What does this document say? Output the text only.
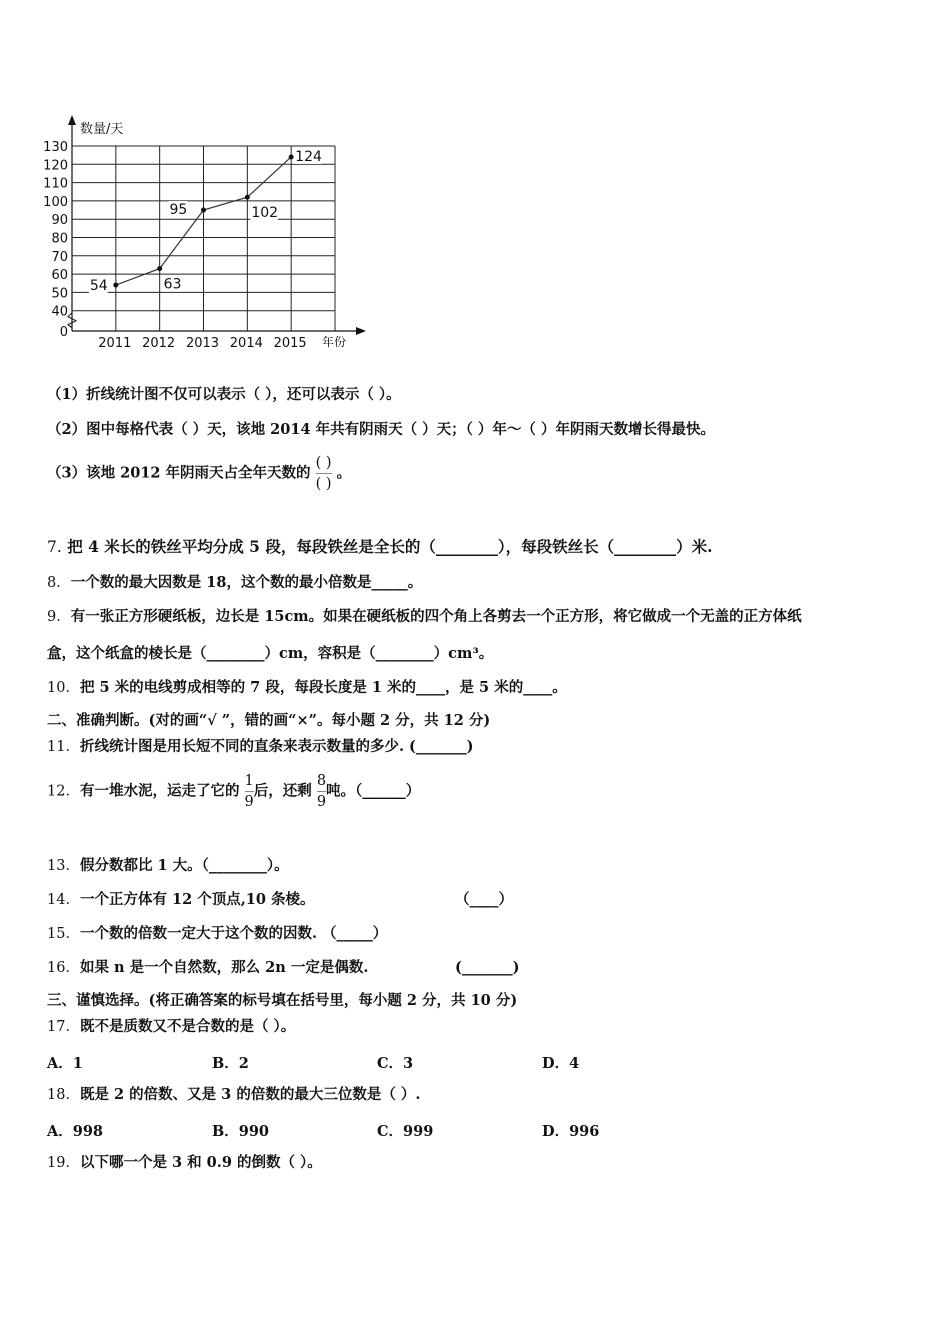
数量/天
年份
0
40
50
60
70
80
90
100
110
120
130
2011 2012 2013 2014 2015
54	63
95	102
124
（1）折线统计图不仅可以表示（ ），还可以表示（ ）。
（2）图中每格代表（ ）天，该地 2014 年共有阴雨天（ ）天；（ ）年～（ ）年阴雨天数增长得最快。
（3）该地 2012 年阴雨天占全年天数的 $\frac{( )}{( )}$ 。
7. 把 4 米长的铁丝平均分成 5 段，每段铁丝是全长的（________），每段铁丝长（________）米.
8．一个数的最大因数是 18，这个数的最小倍数是_____。
9．有一张正方形硬纸板，边长是 15cm。如果在硬纸板的四个角上各剪去一个正方形，将它做成一个无盖的正方体纸
盒，这个纸盒的棱长是（________）cm，容积是（________）cm³。
10．把 5 米的电线剪成相等的 7 段，每段长度是 1 米的____，是 5 米的____。
二、准确判断。(对的画“√ ”，错的画“×”。每小题 2 分，共 12 分)
11．折线统计图是用长短不同的直条来表示数量的多少. (_______)
12．有一堆水泥，运走了它的 $\frac{1}{9}$ 后，还剩 $\frac{8}{9}$ 吨。（______）
13．假分数都比 1 大。（________）。
14．一个正方体有 12 个顶点,10 条棱。	（____）
15．一个数的倍数一定大于这个数的因数. （_____）
16．如果 n 是一个自然数，那么 2n 一定是偶数.	(_______)
三、谨慎选择。(将正确答案的标号填在括号里，每小题 2 分，共 10 分)
17．既不是质数又不是合数的是（ ）。
A．1	B．2	C．3	D．4
18．既是 2 的倍数、又是 3 的倍数的最大三位数是（ ）.
A．998	B．990	C．999	D．996
19．以下哪一个是 3 和 0.9 的倒数（ ）。
